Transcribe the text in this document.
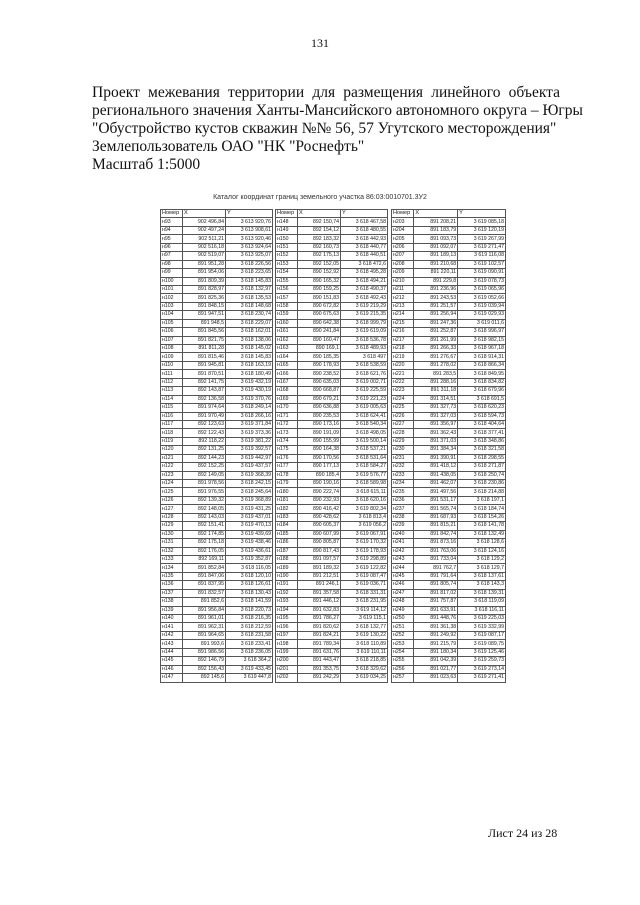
131
Проект межевания территории для размещения линейного объекта
регионального значения Ханты-Мансийского автономного округа – Югры
"Обустройство кустов скважин №№ 56, 57 Угутского месторождения"
Землепользователь ОАО "НК "Роснефть"
Масштаб 1:5000
Каталог координат границ земельного участка 86:03:0010701.3У2
Номер	X	Y
н93	902 496,84	3 613 920,76
н94	902 497,24	3 613 908,61
н95	902 511,21	3 613 920,46
н96	902 516,18	3 613 924,64
н97	902 519,07	3 613 925,07
н98	891 951,28	3 618 226,56
н99	891 954,06	3 618 223,65
н100	891 809,39	3 618 145,83
н101	891 828,97	3 618 132,97
н102	891 825,36	3 618 135,53
н103	891 848,15	3 618 148,68
н104	891 947,51	3 618 230,74
н105	891 948,5	3 618 229,07
н106	891 845,56	3 618 162,01
н107	891 821,75	3 618 138,06
н108	891 811,28	3 618 145,02
н109	891 815,46	3 618 145,83
н110	891 945,81	3 618 163,19
н111	891 870,51	3 618 180,49
н112	892 141,75	3 619 432,19
н113	892 143,87	3 619 430,19
н114	892 136,58	3 619 370,76
н115	891 974,64	3 618 249,14
н116	891 970,49	3 618 266,16
н117	892 123,63	3 619 371,84
н118	892 122,43	3 619 373,36
н119	892 118,22	3 619 381,22
н120	892 131,25	3 619 392,57
н121	892 144,23	3 619 442,97
н122	892 152,25	3 619 437,57
н123	892 149,05	3 619 368,39
н124	891 978,56	3 618 242,15
н125	891 976,55	3 618 245,64
н126	892 139,32	3 619 368,89
н127	892 148,05	3 619 431,25
н128	892 143,03	3 619 437,01
н129	892 151,41	3 619 470,13
н130	892 174,85	3 619 439,69
н131	892 175,18	3 619 438,46
н132	892 176,05	3 619 436,61
н133	892 169,11	3 619 352,87
н134	891 852,84	3 618 116,05
н135	891 847,06	3 618 120,10
н136	891 837,95	3 618 126,61
н137	891 832,57	3 618 130,43
н138	891 852,6	3 618 141,59
н139	891 956,84	3 618 220,73
н140	891 961,01	3 618 216,35
н141	891 962,31	3 618 212,59
н142	891 964,65	3 618 231,58
н143	891 993,6	3 618 233,41
н144	891 986,56	3 618 236,05
н145	892 146,79	3 618 364,2
н146	892 156,43	3 619 433,45
н147	892 145,6	3 619 447,8
Номер	X	Y
н148	892 150,74	3 618 467,58
н149	892 154,12	3 618 480,55
н150	892 183,32	3 618 442,93
н151	892 160,73	3 618 440,77
н152	892 175,13	3 618 440,51
н153	892 152,05	3 618 472,6
н154	890 152,92	3 618 495,28
н155	890 165,32	3 618 494,21
н156	890 159,25	3 618 490,37
н157	890 151,83	3 618 492,43
н158	890 672,82	3 619 219,29
н159	890 675,63	3 619 215,35
н160	890 642,38	3 618 999,79
н161	890 241,84	3 619 619,09
н162	890 160,47	3 618 536,78
н163	890 169,1	3 618 489,93
н164	890 185,35	3 618 497
н165	890 178,93	3 618 538,59
н166	890 238,52	3 618 621,76
н167	890 635,03	3 619 002,71
н168	890 668,87	3 619 225,59
н169	890 679,21	3 619 221,23
н170	890 636,88	3 619 005,63
н171	890 235,53	3 618 624,41
н172	890 173,16	3 618 540,34
н173	890 191,09	3 618 498,05
н174	890 155,99	3 619 500,14
н175	890 164,38	3 618 537,21
н176	890 170,56	3 618 531,64
н177	890 177,13	3 618 584,27
н178	890 185,4	3 619 576,77
н179	890 190,16	3 618 589,98
н180	890 222,74	3 618 615,11
н181	890 232,93	3 618 620,16
н182	890 416,42	3 619 802,34
н183	890 428,62	3 618 813,4
н184	890 605,37	3 619 056,2
н185	890 607,99	3 619 067,91
н186	890 805,87	3 619 170,32
н187	890 817,43	3 619 178,93
н188	891 097,57	3 619 298,89
н189	891 189,32	3 619 122,82
н190	891 212,51	3 619 087,47
н191	891 246,1	3 619 036,71
н192	891 357,58	3 618 331,31
н193	891 446,12	3 618 231,95
н194	891 632,83	3 619 114,12
н195	891 786,27	3 619 115,1
н196	891 820,62	3 618 132,77
н197	891 824,21	3 619 130,22
н198	891 789,34	3 618 110,89
н199	891 631,76	3 619 110,11
н200	891 443,47	3 618 218,85
н201	891 353,75	3 618 329,62
н202	891 242,29	3 619 034,25
Номер	X	Y
н203	891 208,21	3 619 085,18
н204	891 183,79	3 619 120,19
н205	891 093,73	3 619 267,99
н206	891 092,07	3 619 271,47
н207	891 189,13	3 619 116,08
н208	891 210,68	3 619 102,57
н209	891 220,11	3 619 090,91
н210	891 229,8	3 619 078,73
н211	891 236,96	3 619 065,96
н212	891 243,53	3 619 052,66
н213	891 251,57	3 619 039,94
н214	891 256,94	3 619 029,93
н215	891 247,36	3 619 011,6
н216	891 252,87	3 618 996,97
н217	891 261,99	3 618 982,15
н218	891 266,33	3 618 967,18
н219	891 276,67	3 618 914,31
н220	891 278,02	3 618 866,34
н221	891 283,5	3 618 849,95
н222	891 288,16	3 618 834,82
н223	891 311,18	3 618 679,96
н224	891 314,51	3 618 691,5
н225	891 327,73	3 618 620,23
н226	891 327,03	3 618 594,73
н227	891 356,97	3 618 404,64
н228	891 362,43	3 618 377,41
н229	891 371,03	3 618 348,86
н230	891 384,34	3 618 321,58
н231	891 390,91	3 618 298,55
н232	891 418,12	3 618 271,87
н233	891 438,05	3 618 250,74
н234	891 462,07	3 618 230,86
н235	891 497,56	3 618 214,88
н236	891 531,17	3 618 197,1
н237	891 565,74	3 618 184,74
н238	891 687,93	3 618 154,26
н239	891 815,21	3 618 141,78
н240	891 842,74	3 618 132,49
н241	891 873,16	3 618 128,6
н242	891 763,06	3 618 124,16
н243	891 733,04	3 618 129,2
н244	891 762,7	3 618 129,7
н245	891 791,64	3 618 137,61
н246	891 805,74	3 618 143,3
н247	891 817,02	3 618 139,31
н248	891 757,87	3 618 119,09
н249	891 633,91	3 618 116,11
н250	891 448,76	3 619 225,03
н251	891 361,38	3 619 332,99
н252	891 249,92	3 619 087,17
н253	891 215,79	3 619 089,75
н254	891 180,34	3 619 125,46
н255	891 042,39	3 619 259,73
н256	891 021,77	3 619 273,14
н257	891 023,63	3 619 271,41
Лист 24 из 28
